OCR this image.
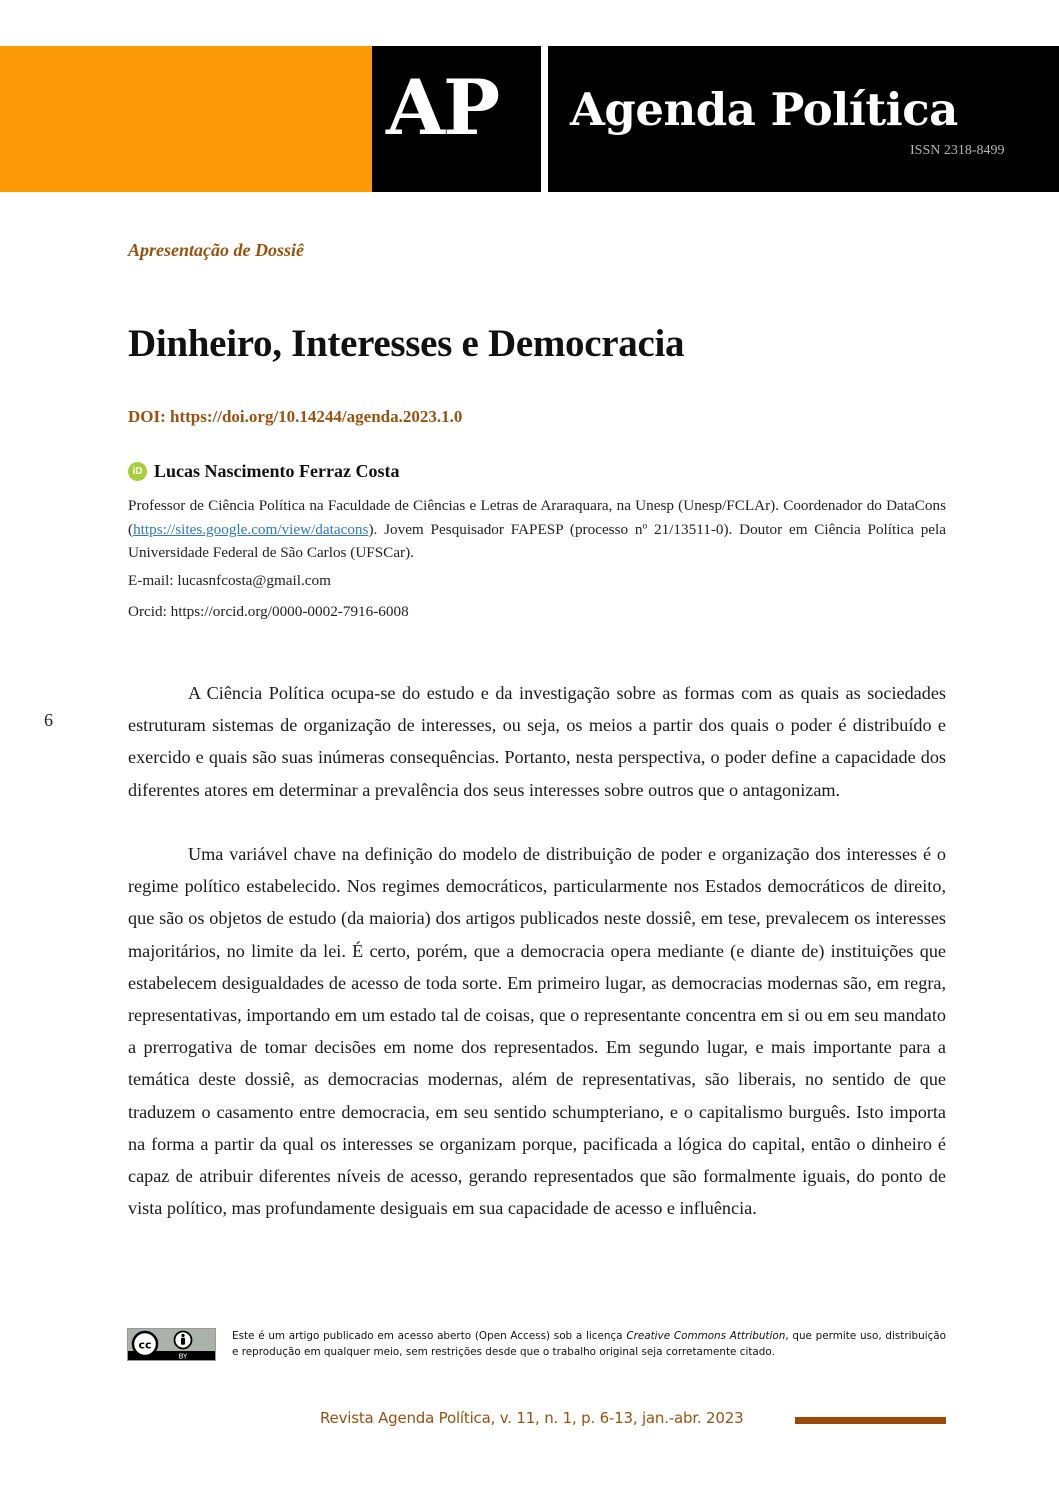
AP	Agenda Política
ISSN 2318-8499
Apresentação de Dossiê
Dinheiro, Interesses e Democracia
DOI: https://doi.org/10.14244/agenda.2023.1.0
iD Lucas Nascimento Ferraz Costa
Professor de Ciência Política na Faculdade de Ciências e Letras de Araraquara, na Unesp (Unesp/FCLAr). Coordenador do DataCons (https://sites.google.com/view/datacons). Jovem Pesquisador FAPESP (processo nº 21/13511-0). Doutor em Ciência Política pela Universidade Federal de São Carlos (UFSCar).
E-mail: lucasnfcosta@gmail.com
Orcid: https://orcid.org/0000-0002-7916-6008
6

A Ciência Política ocupa-se do estudo e da investigação sobre as formas com as quais as sociedades estruturam sistemas de organização de interesses, ou seja, os meios a partir dos quais o poder é distribuído e exercido e quais são suas inúmeras consequências. Portanto, nesta perspectiva, o poder define a capacidade dos diferentes atores em determinar a prevalência dos seus interesses sobre outros que o antagonizam.

Uma variável chave na definição do modelo de distribuição de poder e organização dos interesses é o regime político estabelecido. Nos regimes democráticos, particularmente nos Estados democráticos de direito, que são os objetos de estudo (da maioria) dos artigos publicados neste dossiê, em tese, prevalecem os interesses majoritários, no limite da lei. É certo, porém, que a democracia opera mediante (e diante de) instituições que estabelecem desigualdades de acesso de toda sorte. Em primeiro lugar, as democracias modernas são, em regra, representativas, importando em um estado tal de coisas, que o representante concentra em si ou em seu mandato a prerrogativa de tomar decisões em nome dos representados. Em segundo lugar, e mais importante para a temática deste dossiê, as democracias modernas, além de representativas, são liberais, no sentido de que traduzem o casamento entre democracia, em seu sentido schumpteriano, e o capitalismo burguês. Isto importa na forma a partir da qual os interesses se organizam porque, pacificada a lógica do capital, então o dinheiro é capaz de atribuir diferentes níveis de acesso, gerando representados que são formalmente iguais, do ponto de vista político, mas profundamente desiguais em sua capacidade de acesso e influência.

cc
BY
Este é um artigo publicado em acesso aberto (Open Access) sob a licença Creative Commons Attribution, que permite uso, distribuição e reprodução em qualquer meio, sem restrições desde que o trabalho original seja corretamente citado.
Revista Agenda Política, v. 11, n. 1, p. 6-13, jan.-abr. 2023
